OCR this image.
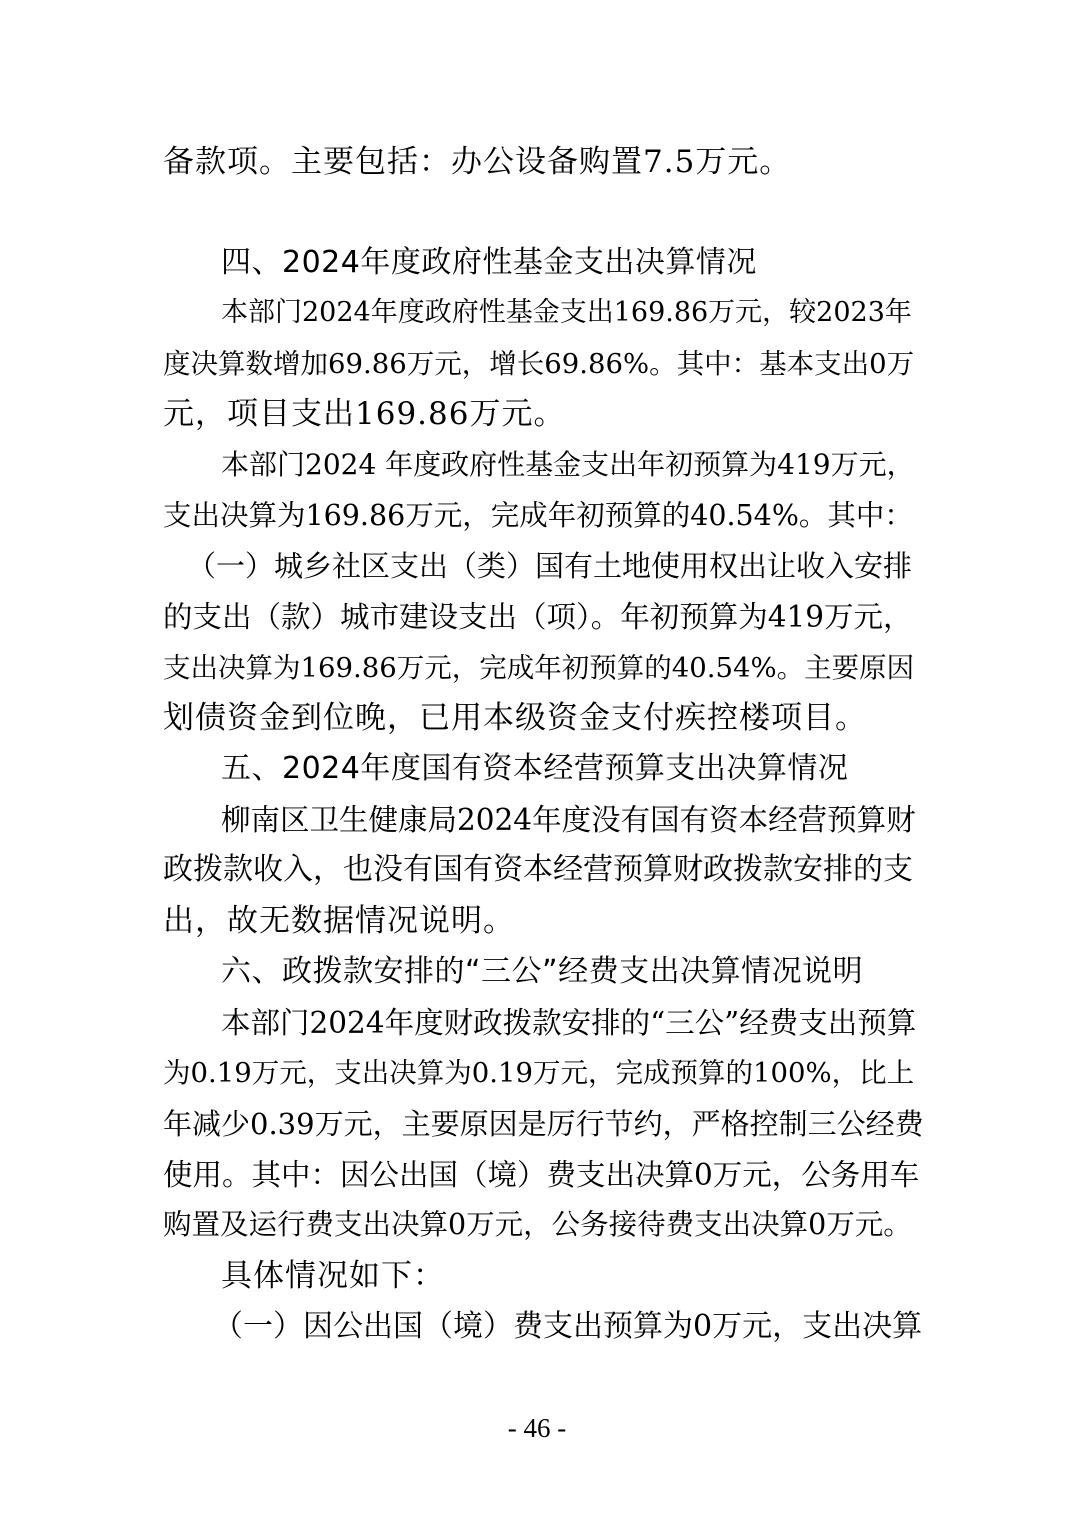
备款项。主要包括：办公设备购置7.5万元。
四、2024年度政府性基金支出决算情况
本部门2024年度政府性基金支出169.86万元，较2023年
度决算数增加69.86万元，增长69.86%。其中：基本支出0万
元，项目支出169.86万元。
本部门2024 年度政府性基金支出年初预算为419万元，
支出决算为169.86万元，完成年初预算的40.54%。其中：
（一）城乡社区支出（类）国有土地使用权出让收入安排
的支出（款）城市建设支出（项）。年初预算为419万元，
支出决算为169.86万元，完成年初预算的40.54%。主要原因
划债资金到位晚，已用本级资金支付疾控楼项目。
五、2024年度国有资本经营预算支出决算情况
柳南区卫生健康局2024年度没有国有资本经营预算财
政拨款收入，也没有国有资本经营预算财政拨款安排的支
出，故无数据情况说明。
六、政拨款安排的“三公”经费支出决算情况说明
本部门2024年度财政拨款安排的“三公”经费支出预算
为0.19万元，支出决算为0.19万元，完成预算的100%，比上
年减少0.39万元，主要原因是厉行节约，严格控制三公经费
使用。其中：因公出国（境）费支出决算0万元，公务用车
购置及运行费支出决算0万元，公务接待费支出决算0万元。
具体情况如下：
（一）因公出国（境）费支出预算为0万元，支出决算
- 46 -
